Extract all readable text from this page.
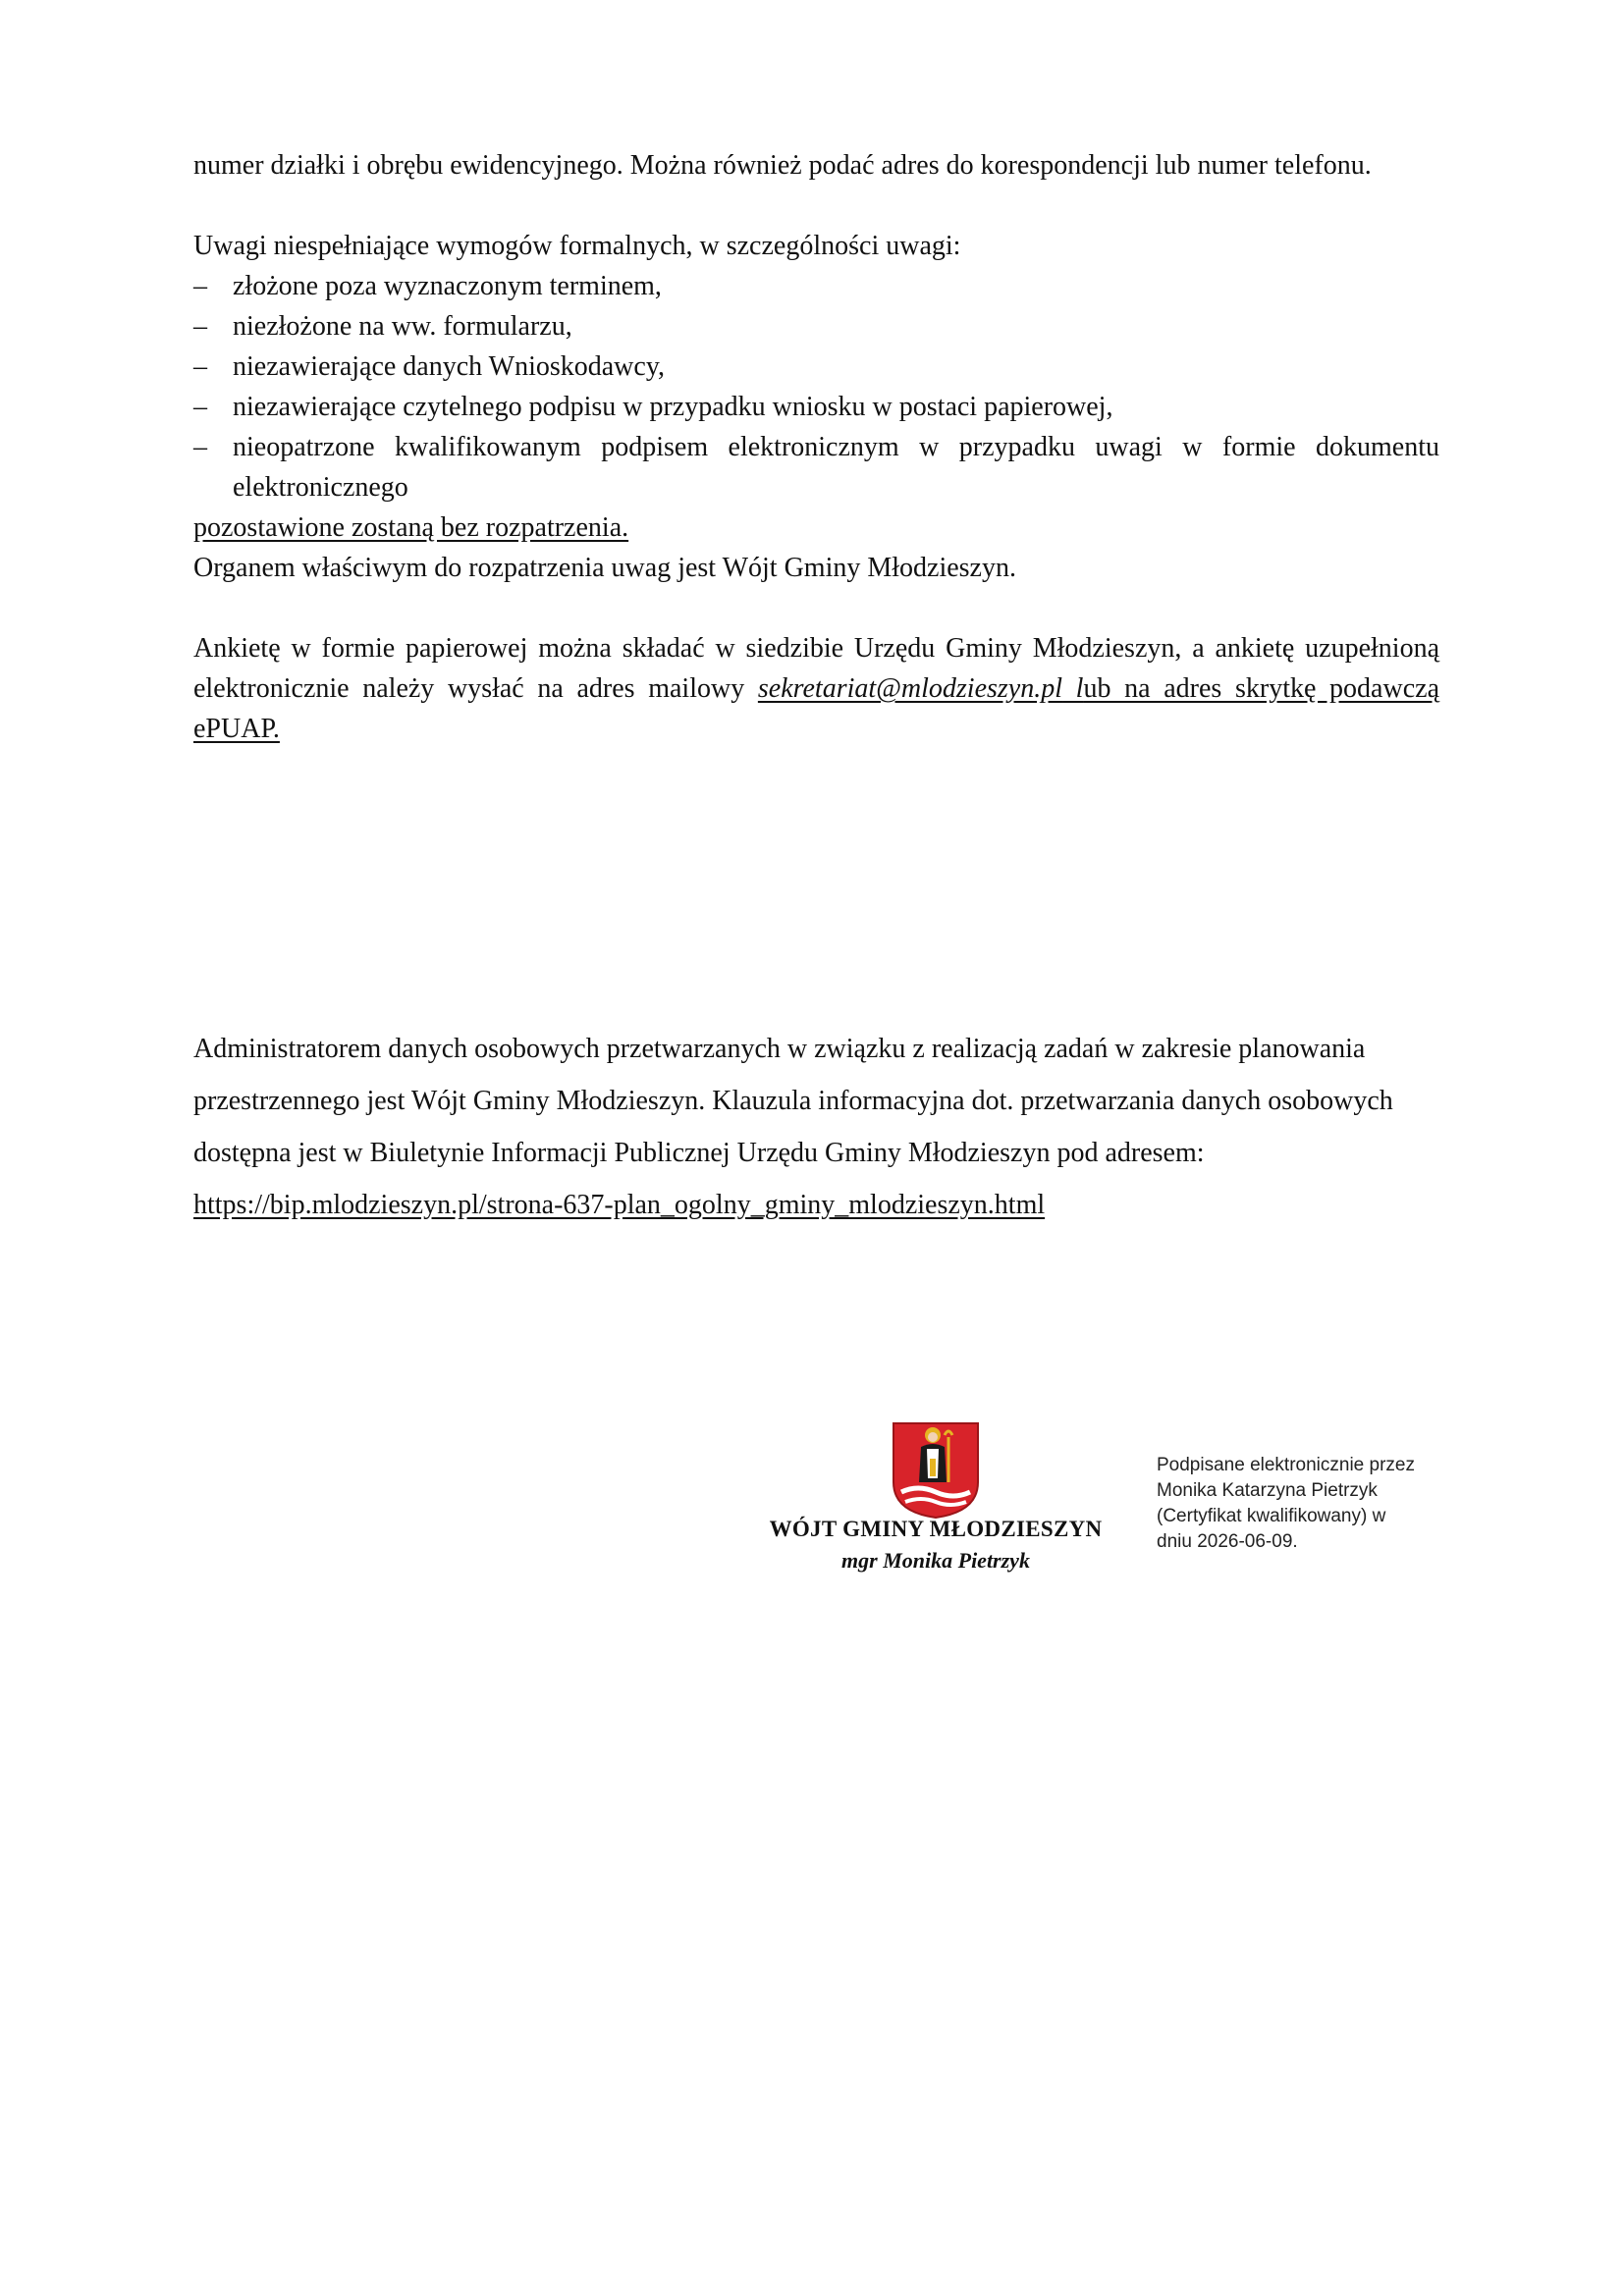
numer działki i obrębu ewidencyjnego. Można również podać adres do korespondencji lub numer telefonu.

Uwagi niespełniające wymogów formalnych, w szczególności uwagi:

– złożone poza wyznaczonym terminem,
– niezłożone na ww. formularzu,
– niezawierające danych Wnioskodawcy,
– niezawierające czytelnego podpisu w przypadku wniosku w postaci papierowej,
– nieopatrzone kwalifikowanym podpisem elektronicznym w przypadku uwagi w formie dokumentu elektronicznego

pozostawione zostaną bez rozpatrzenia.

Organem właściwym do rozpatrzenia uwag jest Wójt Gminy Młodzieszyn.

Ankietę w formie papierowej można składać w siedzibie Urzędu Gminy Młodzieszyn, a ankietę uzupełnioną elektronicznie należy wysłać na adres mailowy sekretariat@mlodzieszyn.pl lub na adres skrytkę podawczą ePUAP.

Administratorem danych osobowych przetwarzanych w związku z realizacją zadań w zakresie planowania przestrzennego jest Wójt Gminy Młodzieszyn. Klauzula informacyjna dot. przetwarzania danych osobowych dostępna jest w Biuletynie Informacji Publicznej Urzędu Gminy Młodzieszyn pod adresem: https://bip.mlodzieszyn.pl/strona-637-plan_ogolny_gminy_mlodzieszyn.html

WÓJT GMINY MŁODZIESZYN
mgr Monika Pietrzyk
Podpisane elektronicznie przez
Monika Katarzyna Pietrzyk
(Certyfikat kwalifikowany) w
dniu 2026-06-09.
